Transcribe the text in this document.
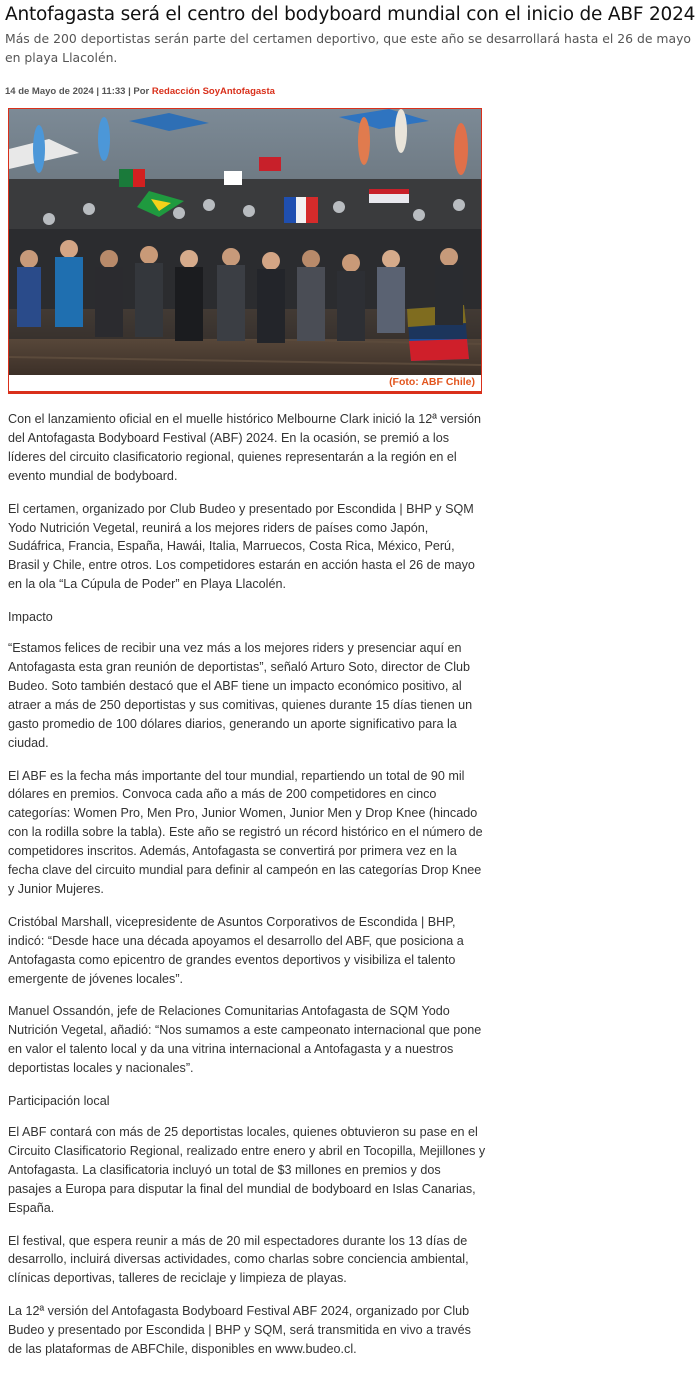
Antofagasta será el centro del bodyboard mundial con el inicio de ABF 2024

Más de 200 deportistas serán parte del certamen deportivo, que este año se desarrollará hasta el 26 de mayo en playa Llacolén.

14 de Mayo de 2024 | 11:33 | Por Redacción SoyAntofagasta
(Foto: ABF Chile)

Con el lanzamiento oficial en el muelle histórico Melbourne Clark inició la 12ª versión del Antofagasta Bodyboard Festival (ABF) 2024. En la ocasión, se premió a los líderes del circuito clasificatorio regional, quienes representarán a la región en el evento mundial de bodyboard.

El certamen, organizado por Club Budeo y presentado por Escondida | BHP y SQM Yodo Nutrición Vegetal, reunirá a los mejores riders de países como Japón, Sudáfrica, Francia, España, Hawái, Italia, Marruecos, Costa Rica, México, Perú, Brasil y Chile, entre otros. Los competidores estarán en acción hasta el 26 de mayo en la ola “La Cúpula de Poder” en Playa Llacolén.

Impacto

“Estamos felices de recibir una vez más a los mejores riders y presenciar aquí en Antofagasta esta gran reunión de deportistas”, señaló Arturo Soto, director de Club Budeo. Soto también destacó que el ABF tiene un impacto económico positivo, al atraer a más de 250 deportistas y sus comitivas, quienes durante 15 días tienen un gasto promedio de 100 dólares diarios, generando un aporte significativo para la ciudad.

El ABF es la fecha más importante del tour mundial, repartiendo un total de 90 mil dólares en premios. Convoca cada año a más de 200 competidores en cinco categorías: Women Pro, Men Pro, Junior Women, Junior Men y Drop Knee (hincado con la rodilla sobre la tabla). Este año se registró un récord histórico en el número de competidores inscritos. Además, Antofagasta se convertirá por primera vez en la fecha clave del circuito mundial para definir al campeón en las categorías Drop Knee y Junior Mujeres.

Cristóbal Marshall, vicepresidente de Asuntos Corporativos de Escondida | BHP, indicó: “Desde hace una década apoyamos el desarrollo del ABF, que posiciona a Antofagasta como epicentro de grandes eventos deportivos y visibiliza el talento emergente de jóvenes locales”.

Manuel Ossandón, jefe de Relaciones Comunitarias Antofagasta de SQM Yodo Nutrición Vegetal, añadió: “Nos sumamos a este campeonato internacional que pone en valor el talento local y da una vitrina internacional a Antofagasta y a nuestros deportistas locales y nacionales”.

Participación local

El ABF contará con más de 25 deportistas locales, quienes obtuvieron su pase en el Circuito Clasificatorio Regional, realizado entre enero y abril en Tocopilla, Mejillones y Antofagasta. La clasificatoria incluyó un total de $3 millones en premios y dos pasajes a Europa para disputar la final del mundial de bodyboard en Islas Canarias, España.

El festival, que espera reunir a más de 20 mil espectadores durante los 13 días de desarrollo, incluirá diversas actividades, como charlas sobre conciencia ambiental, clínicas deportivas, talleres de reciclaje y limpieza de playas.

La 12ª versión del Antofagasta Bodyboard Festival ABF 2024, organizado por Club Budeo y presentado por Escondida | BHP y SQM, será transmitida en vivo a través de las plataformas de ABFChile, disponibles en www.budeo.cl.
